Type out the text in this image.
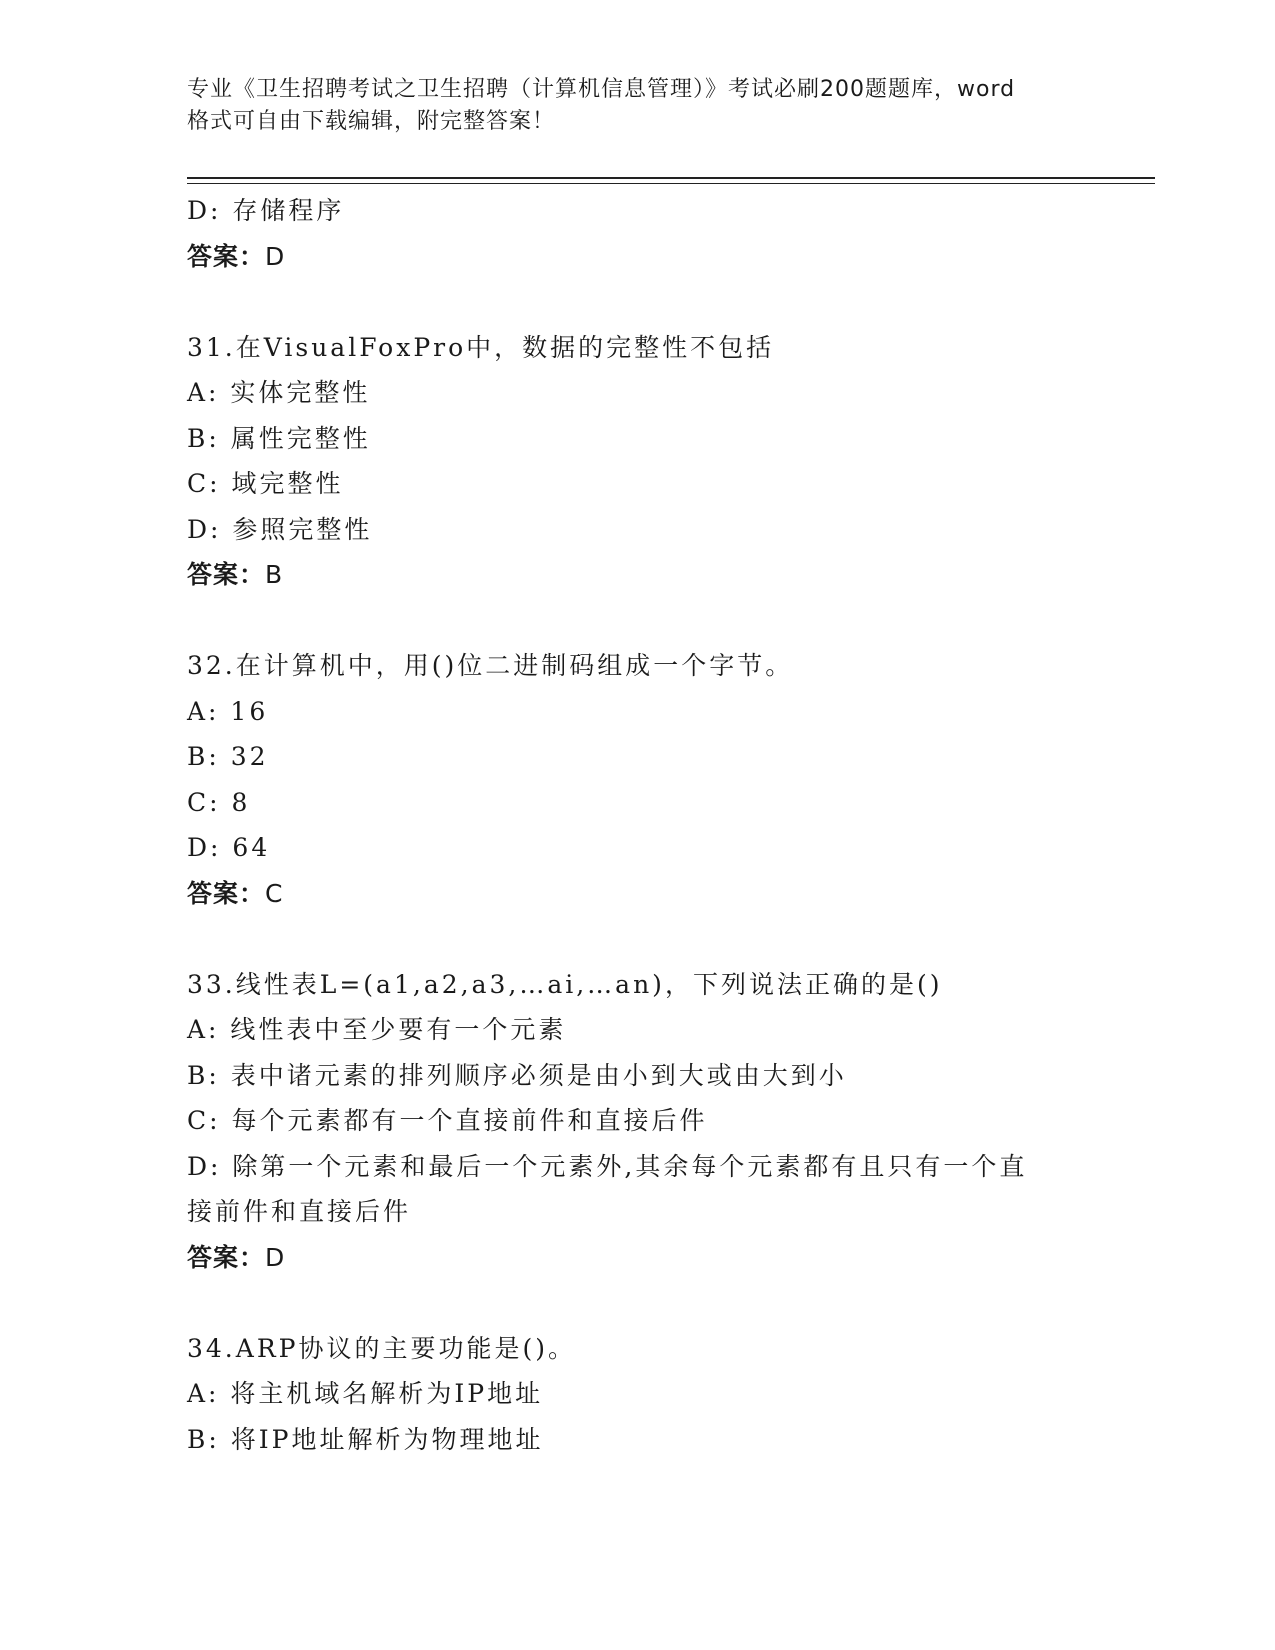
专业《卫生招聘考试之卫生招聘（计算机信息管理）》考试必刷200题题库，word
格式可自由下载编辑，附完整答案！
D: 存储程序
答案：D
31.在VisualFoxPro中，数据的完整性不包括
A: 实体完整性
B: 属性完整性
C: 域完整性
D: 参照完整性
答案：B
32.在计算机中，用()位二进制码组成一个字节。
A: 16
B: 32
C: 8
D: 64
答案：C
33.线性表L=(a1,a2,a3,…ai,…an)，下列说法正确的是()
A: 线性表中至少要有一个元素
B: 表中诸元素的排列顺序必须是由小到大或由大到小
C: 每个元素都有一个直接前件和直接后件
D: 除第一个元素和最后一个元素外,其余每个元素都有且只有一个直
接前件和直接后件
答案：D
34.ARP协议的主要功能是()。
A: 将主机域名解析为IP地址
B: 将IP地址解析为物理地址
